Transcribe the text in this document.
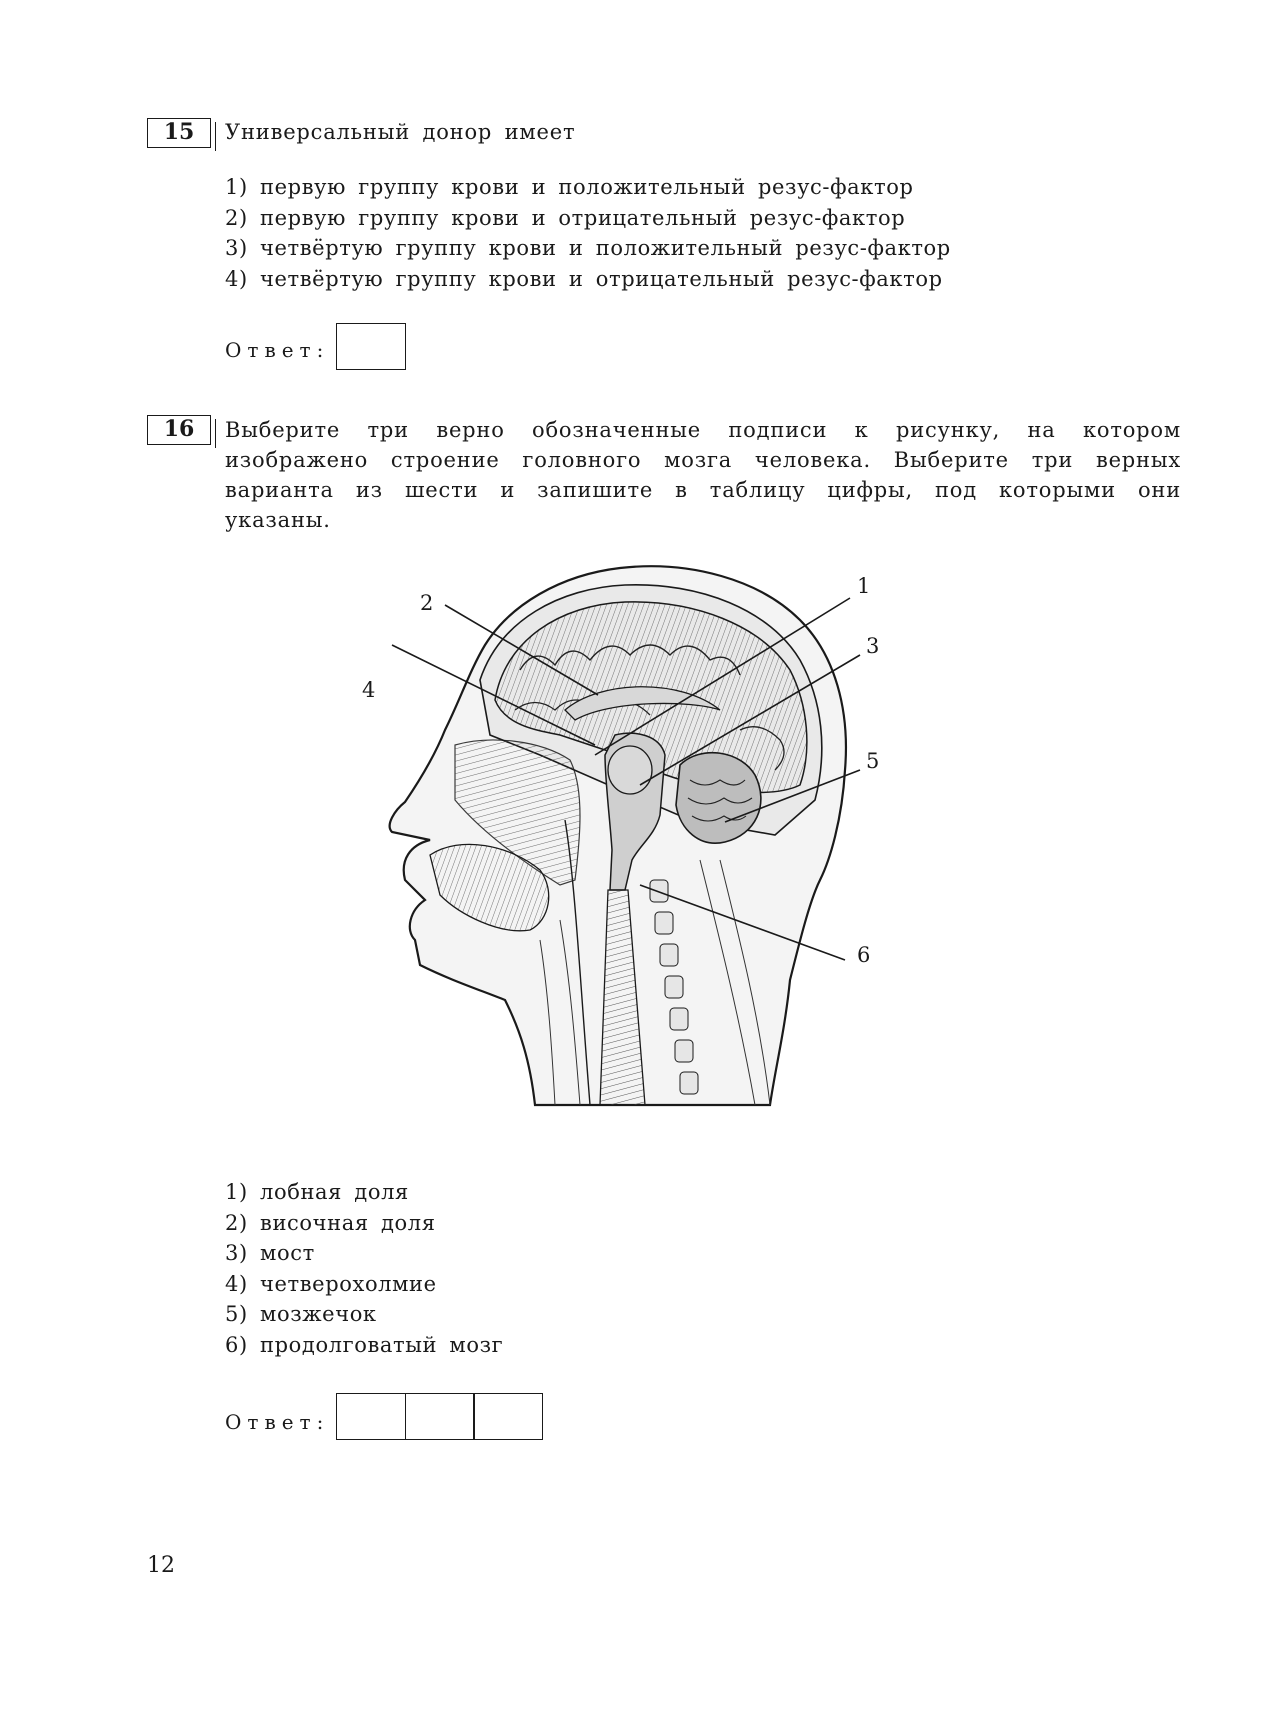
15	Универсальный донор имеет

1) первую группу крови и положительный резус-фактор
2) первую группу крови и отрицательный резус-фактор
3) четвёртую группу крови и положительный резус-фактор
4) четвёртую группу крови и отрицательный резус-фактор
Ответ:
16	Выберите три верно обозначенные подписи к рисунку, на котором изображено строение головного мозга человека. Выберите три верных варианта из шести и запишите в таблицу цифры, под которыми они указаны.

1
2
3
4
5
6
1) лобная доля
2) височная доля
3) мост
4) четверохолмие
5) мозжечок
6) продолговатый мозг
Ответ:
12
